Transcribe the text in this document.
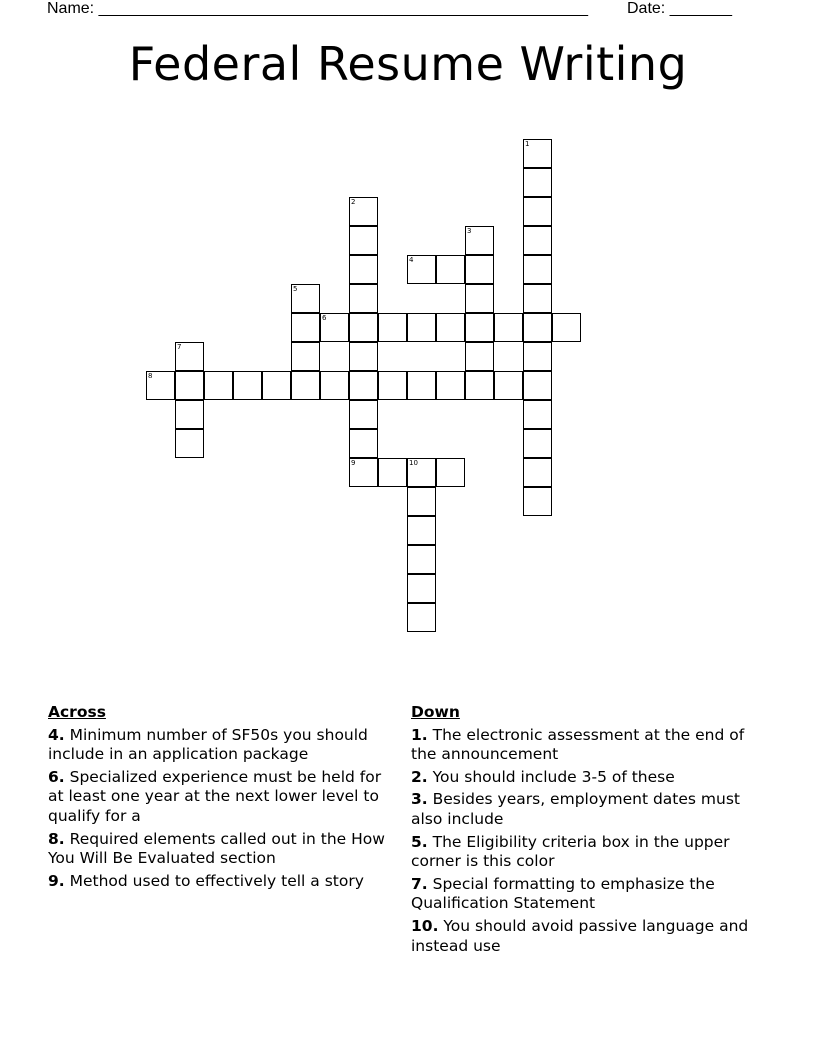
Name: _______________________________________________________ Date: _______
Federal Resume Writing
1
2
9
3
4
5
6
7
8
10
Across
4. Minimum number of SF50s you should include in an application package
6. Specialized experience must be held for at least one year at the next lower level to qualify for a
8. Required elements called out in the How You Will Be Evaluated section
9. Method used to effectively tell a story
Down
1. The electronic assessment at the end of the announcement
2. You should include 3-5 of these
3. Besides years, employment dates must also include
5. The Eligibility criteria box in the upper corner is this color
7. Special formatting to emphasize the Qualification Statement
10. You should avoid passive language and instead use
